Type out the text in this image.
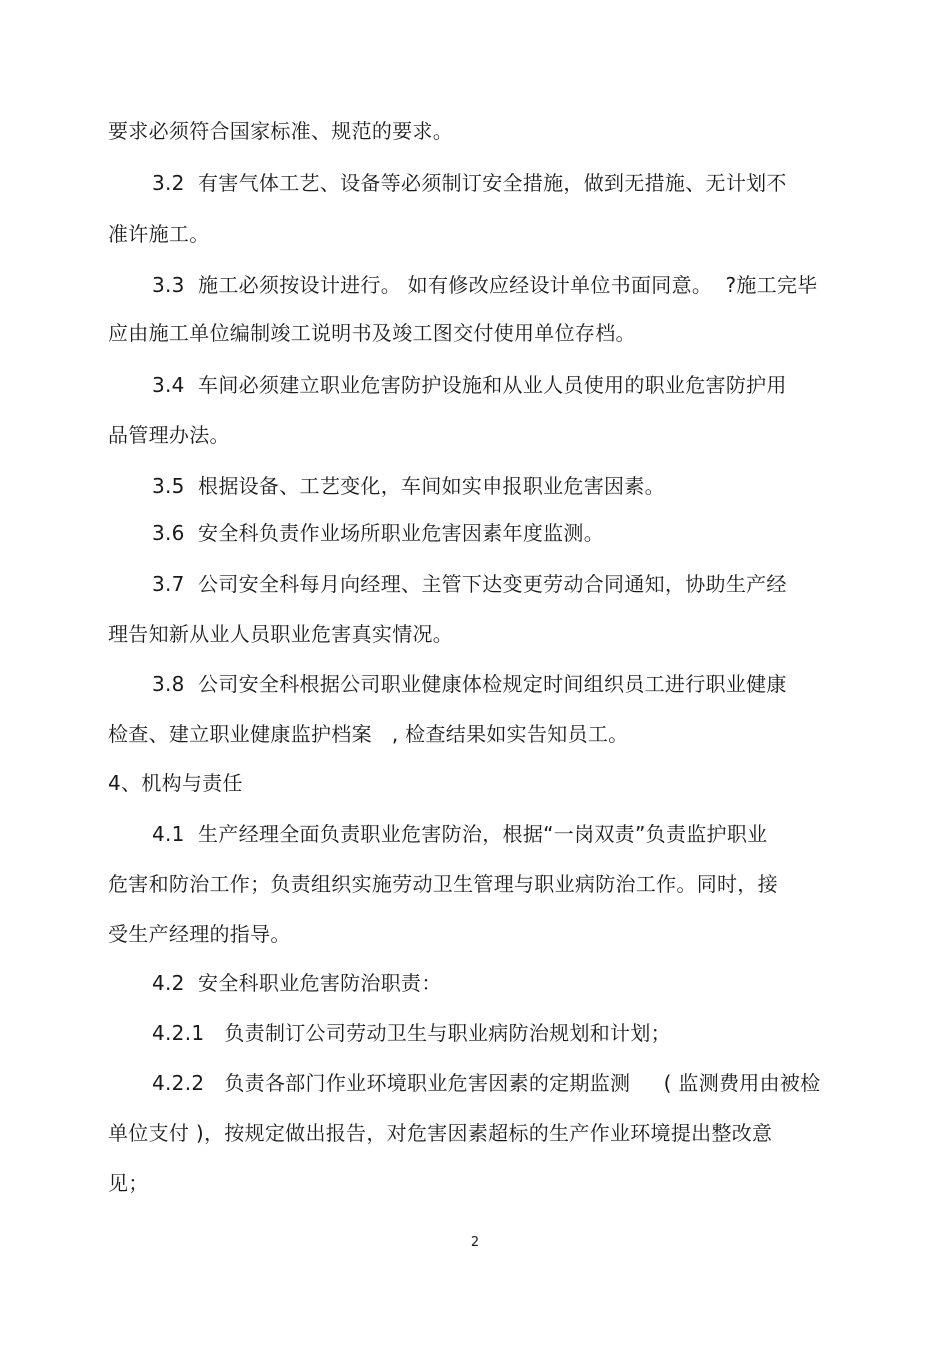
要求必须符合国家标准、规范的要求。
3.2  有害气体工艺、设备等必须制订安全措施，做到无措施、无计划不
准许施工。
3.3  施工必须按设计进行。 如有修改应经设计单位书面同意。  ?施工完毕
应由施工单位编制竣工说明书及竣工图交付使用单位存档。
3.4  车间必须建立职业危害防护设施和从业人员使用的职业危害防护用
品管理办法。
3.5  根据设备、工艺变化，车间如实申报职业危害因素。
3.6  安全科负责作业场所职业危害因素年度监测。
3.7  公司安全科每月向经理、主管下达变更劳动合同通知，协助生产经
理告知新从业人员职业危害真实情况。
3.8  公司安全科根据公司职业健康体检规定时间组织员工进行职业健康
检查、建立职业健康监护档案   , 检查结果如实告知员工。
4、机构与责任
4.1  生产经理全面负责职业危害防治，根据“一岗双责”负责监护职业
危害和防治工作；负责组织实施劳动卫生管理与职业病防治工作。同时，接
受生产经理的指导。
4.2  安全科职业危害防治职责：
4.2.1   负责制订公司劳动卫生与职业病防治规划和计划；
4.2.2   负责各部门作业环境职业危害因素的定期监测     ( 监测费用由被检
单位支付 )，按规定做出报告，对危害因素超标的生产作业环境提出整改意
见；
2
